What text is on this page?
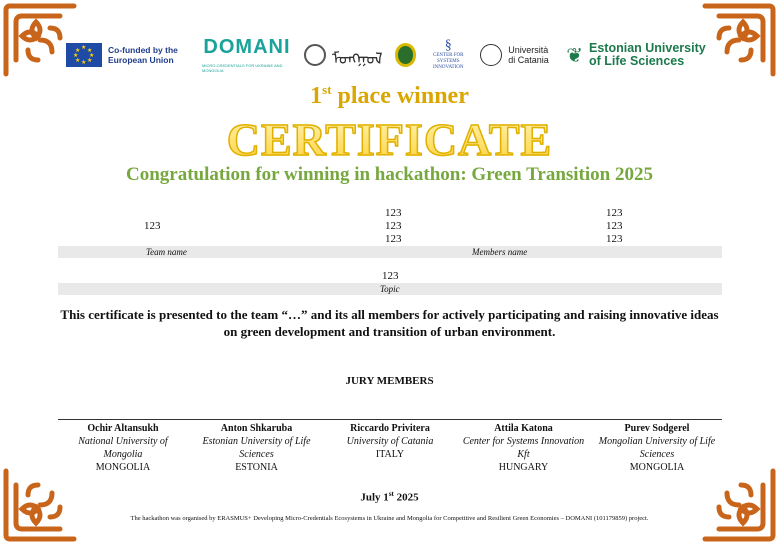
★ ★
★
★
★
★
★
★	Co-funded by the European Union
DOMANI
MICRO-CREDENTIALS FOR UKRAINE AND MONGOLIA
ᠮᠤᠩᠭᠤᠯ
§
CENTER FOR SYSTEMS INNOVATION
Università di Catania ❦ Estonian University of Life Sciences
1st place winner
CERTIFICATE
Congratulation for winning in hackathon: Green Transition 2025
123
123
123
123
123
123
123
Team name	Members name
123
Topic
This certificate is presented to the team “…” and its all members for actively participating and raising innovative ideas on green development and transition of urban environment.
JURY MEMBERS
Ochir Altansukh
National University of Mongolia
MONGOLIA
Anton Shkaruba
Estonian University of Life Sciences
ESTONIA
Riccardo Privitera
University of Catania
ITALY
Attila Katona
Center for Systems Innovation Kft
HUNGARY
Purev Sodgerel
Mongolian University of Life Sciences
MONGOLIA
July 1st 2025
The hackathon was organised by ERASMUS+ Developing Micro-Credentials Ecosystems in Ukraine and Mongolia for Competitive and Resilient Green Economies – DOMANI (101179859) project.
